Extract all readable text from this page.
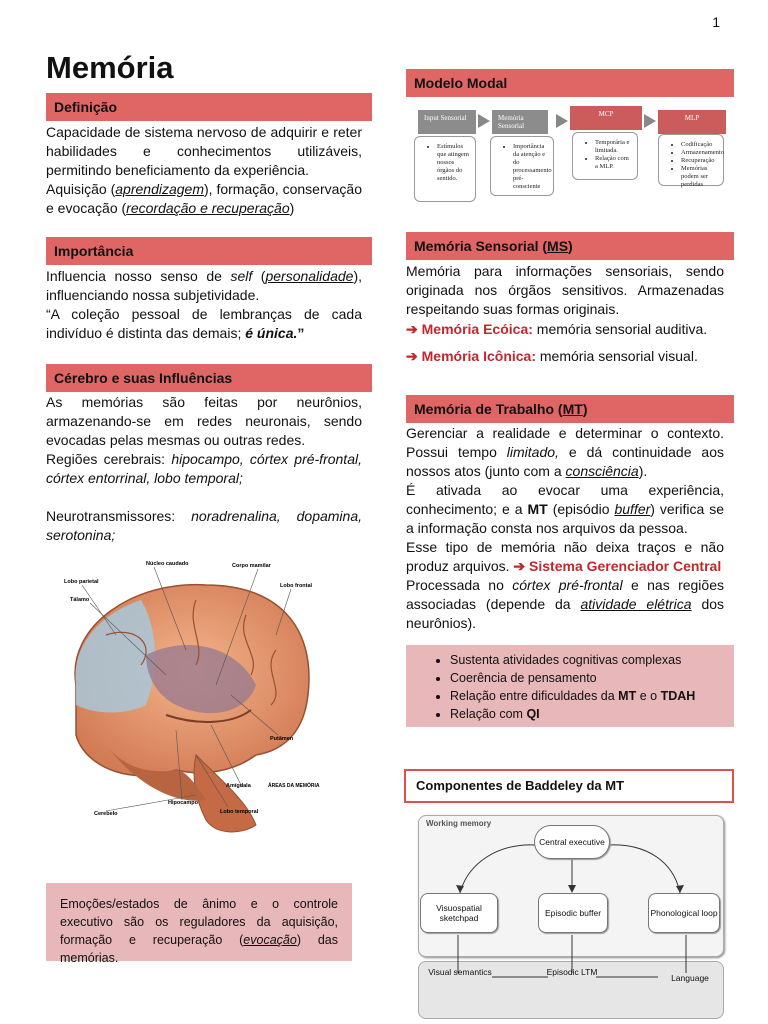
1
Memória
Definição
Capacidade de sistema nervoso de adquirir e reter habilidades e conhecimentos utilizáveis, permitindo beneficiamento da experiência.
Aquisição (aprendizagem), formação, conservação e evocação (recordação e recuperação)
Importância
Influencia nosso senso de self (personalidade), influenciando nossa subjetividade.
“A coleção pessoal de lembranças de cada indivíduo é distinta das demais; é única.”
Cérebro e suas Influências
As memórias são feitas por neurônios, armazenando-se em redes neuronais, sendo evocadas pelas mesmas ou outras redes.
Regiões cerebrais: hipocampo, córtex pré-frontal, córtex entorrinal, lobo temporal;

Neurotransmissores: noradrenalina, dopamina, serotonina;
Núcleo caudado	Corpo mamilar
Lobo parietal
Lobo frontal
Tálamo
Putâmen
Amígdala	ÁREAS DA MEMÓRIA
Hipocampo
Lobo temporal
Cerebelo
Emoções/estados de ânimo e o controle executivo são os reguladores da aquisição, formação e recuperação (evocação) das memórias.
Modelo Modal
Input Sensorial
• Estímulos que atingem nossos órgãos do sentido.
Memória Sensorial
• Importância da atenção e do processamento pré-consciente
MCP
• Temporária e limitada.
• Relação com a MLP.
MLP
• Codificação
• Armazenamento
• Recuperação
• Memórias podem ser perdidas
Memória Sensorial ( MS )
Memória para informações sensoriais, sendo originada nos órgãos sensitivos. Armazenadas respeitando suas formas originais.
➔ Memória Ecóica: memória sensorial auditiva.
➔ Memória Icônica: memória sensorial visual.
Memória de Trabalho ( MT )
Gerenciar a realidade e determinar o contexto. Possui tempo limitado, e dá continuidade aos nossos atos (junto com a consciência).
É ativada ao evocar uma experiência, conhecimento; e a MT (episódio buffer) verifica se a informação consta nos arquivos da pessoa.
Esse tipo de memória não deixa traços e não produz arquivos. ➔ Sistema Gerenciador Central
Processada no córtex pré-frontal e nas regiões associadas (depende da atividade elétrica dos neurônios).
• Sustenta atividades cognitivas complexas
• Coerência de pensamento
• Relação entre dificuldades da MT e o TDAH
• Relação com QI
Componentes de Baddeley da MT
Working memory
Central executive
Visuospatial sketchpad	Episodic buffer	Phonological loop
Visual semantics	Episodic LTM
Language
